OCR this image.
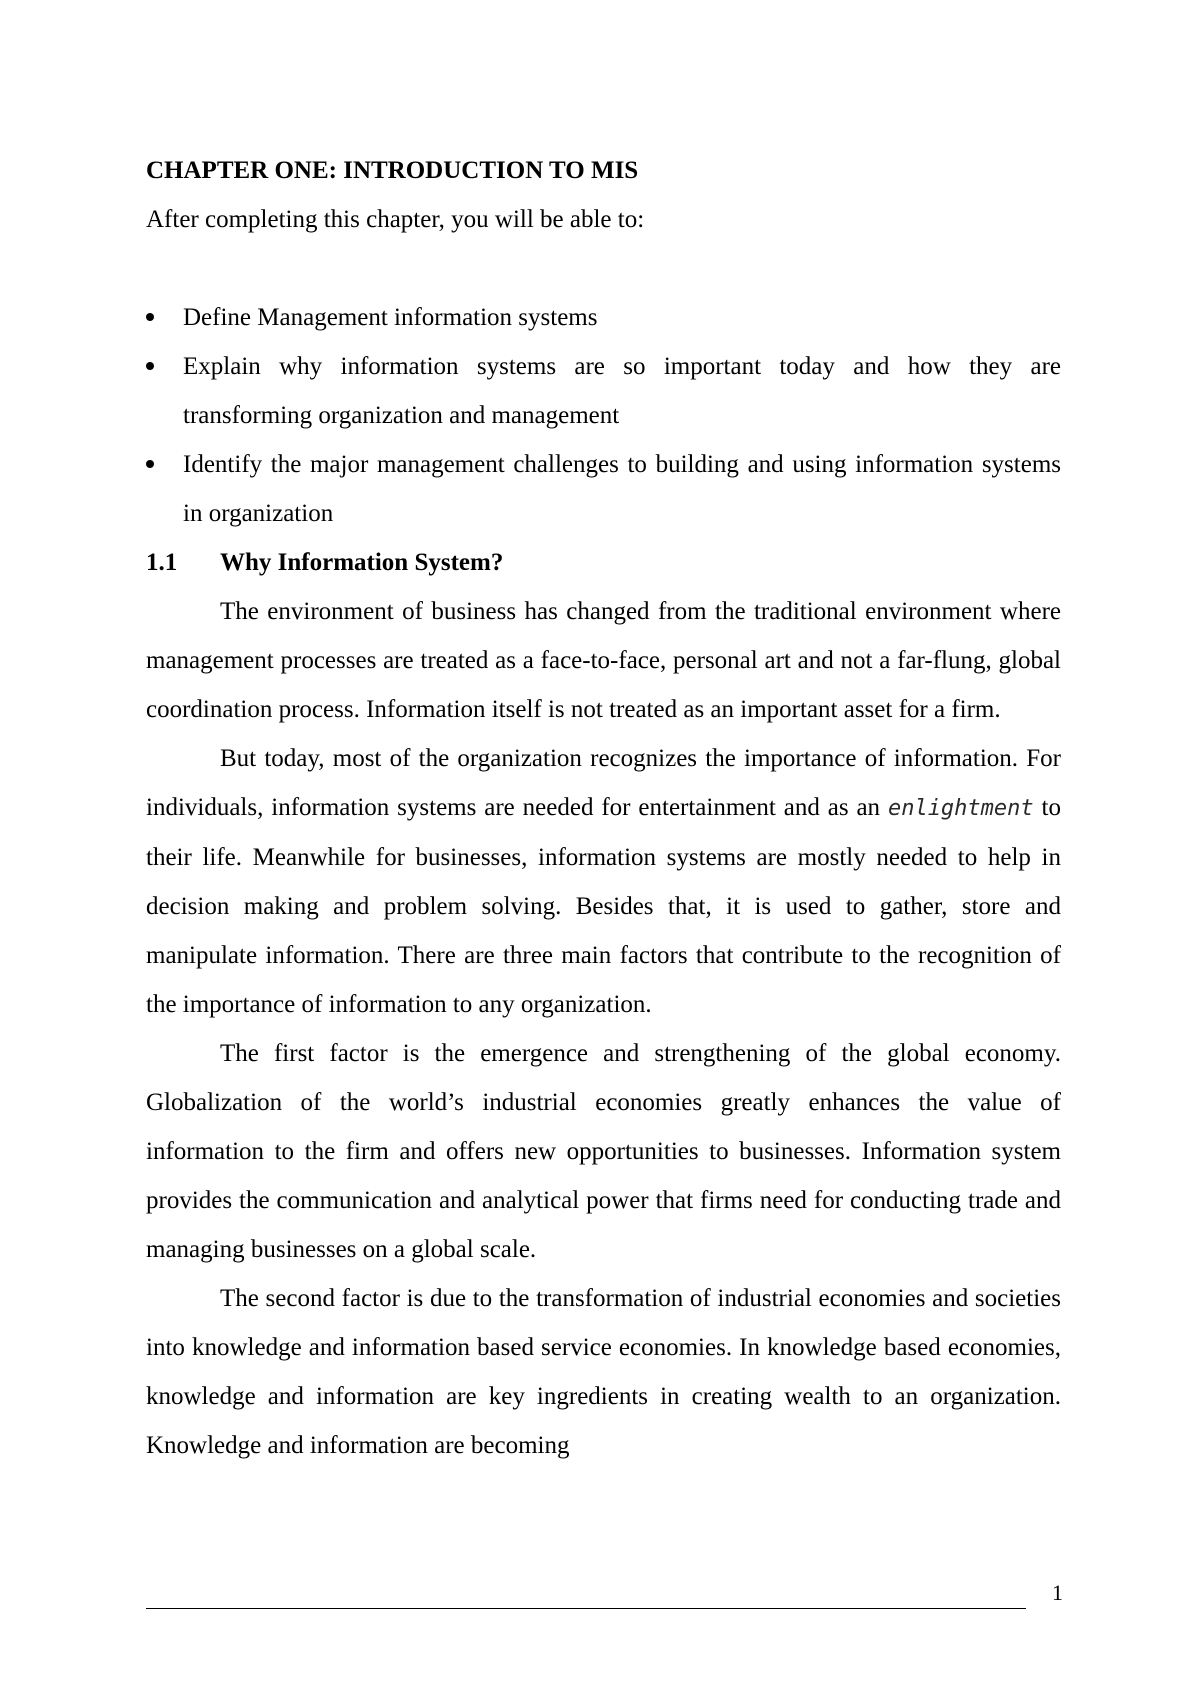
CHAPTER ONE: INTRODUCTION TO MIS

After completing this chapter, you will be able to:

Define Management information systems
Explain why information systems are so important today and how they are transforming organization and management
Identify the major management challenges to building and using information systems in organization

1.1 Why Information System?

The environment of business has changed from the traditional environment where management processes are treated as a face-to-face, personal art and not a far-flung, global coordination process. Information itself is not treated as an important asset for a firm.

But today, most of the organization recognizes the importance of information. For individuals, information systems are needed for entertainment and as an enlightment to their life. Meanwhile for businesses, information systems are mostly needed to help in decision making and problem solving. Besides that, it is used to gather, store and manipulate information. There are three main factors that contribute to the recognition of the importance of information to any organization.

The first factor is the emergence and strengthening of the global economy. Globalization of the world’s industrial economies greatly enhances the value of information to the firm and offers new opportunities to businesses. Information system provides the communication and analytical power that firms need for conducting trade and managing businesses on a global scale.

The second factor is due to the transformation of industrial economies and societies into knowledge and information based service economies. In knowledge based economies, knowledge and information are key ingredients in creating wealth to an organization. Knowledge and information are becoming

1
